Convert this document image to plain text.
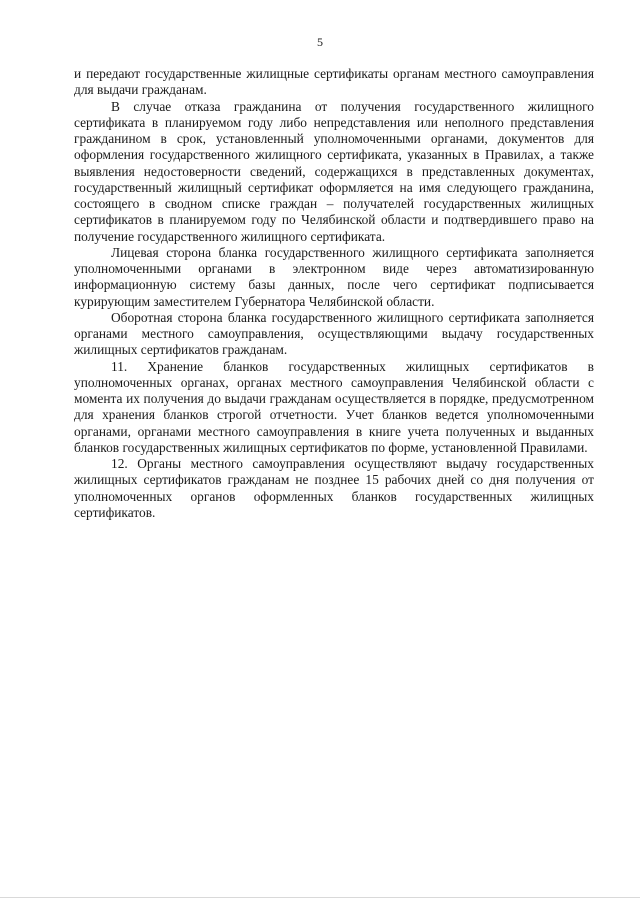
5

и передают государственные жилищные сертификаты органам местного самоуправления для выдачи гражданам.

В случае отказа гражданина от получения государственного жилищного сертификата в планируемом году либо непредставления или неполного представления гражданином в срок, установленный уполномоченными органами, документов для оформления государственного жилищного сертификата, указанных в Правилах, а также выявления недостоверности сведений, содержащихся в представленных документах, государственный жилищный сертификат оформляется на имя следующего гражданина, состоящего в сводном списке граждан – получателей государственных жилищных сертификатов в планируемом году по Челябинской области и подтвердившего право на получение государственного жилищного сертификата.

Лицевая сторона бланка государственного жилищного сертификата заполняется уполномоченными органами в электронном виде через автоматизированную информационную систему базы данных, после чего сертификат подписывается курирующим заместителем Губернатора Челябинской области.

Оборотная сторона бланка государственного жилищного сертификата заполняется органами местного самоуправления, осуществляющими выдачу государственных жилищных сертификатов гражданам.

11. Хранение бланков государственных жилищных сертификатов в уполномоченных органах, органах местного самоуправления Челябинской области с момента их получения до выдачи гражданам осуществляется в порядке, предусмотренном для хранения бланков строгой отчетности. Учет бланков ведется уполномоченными органами, органами местного самоуправления в книге учета полученных и выданных бланков государственных жилищных сертификатов по форме, установленной Правилами.

12. Органы местного самоуправления осуществляют выдачу государственных жилищных сертификатов гражданам не позднее 15 рабочих дней со дня получения от уполномоченных органов оформленных бланков государственных жилищных сертификатов.
